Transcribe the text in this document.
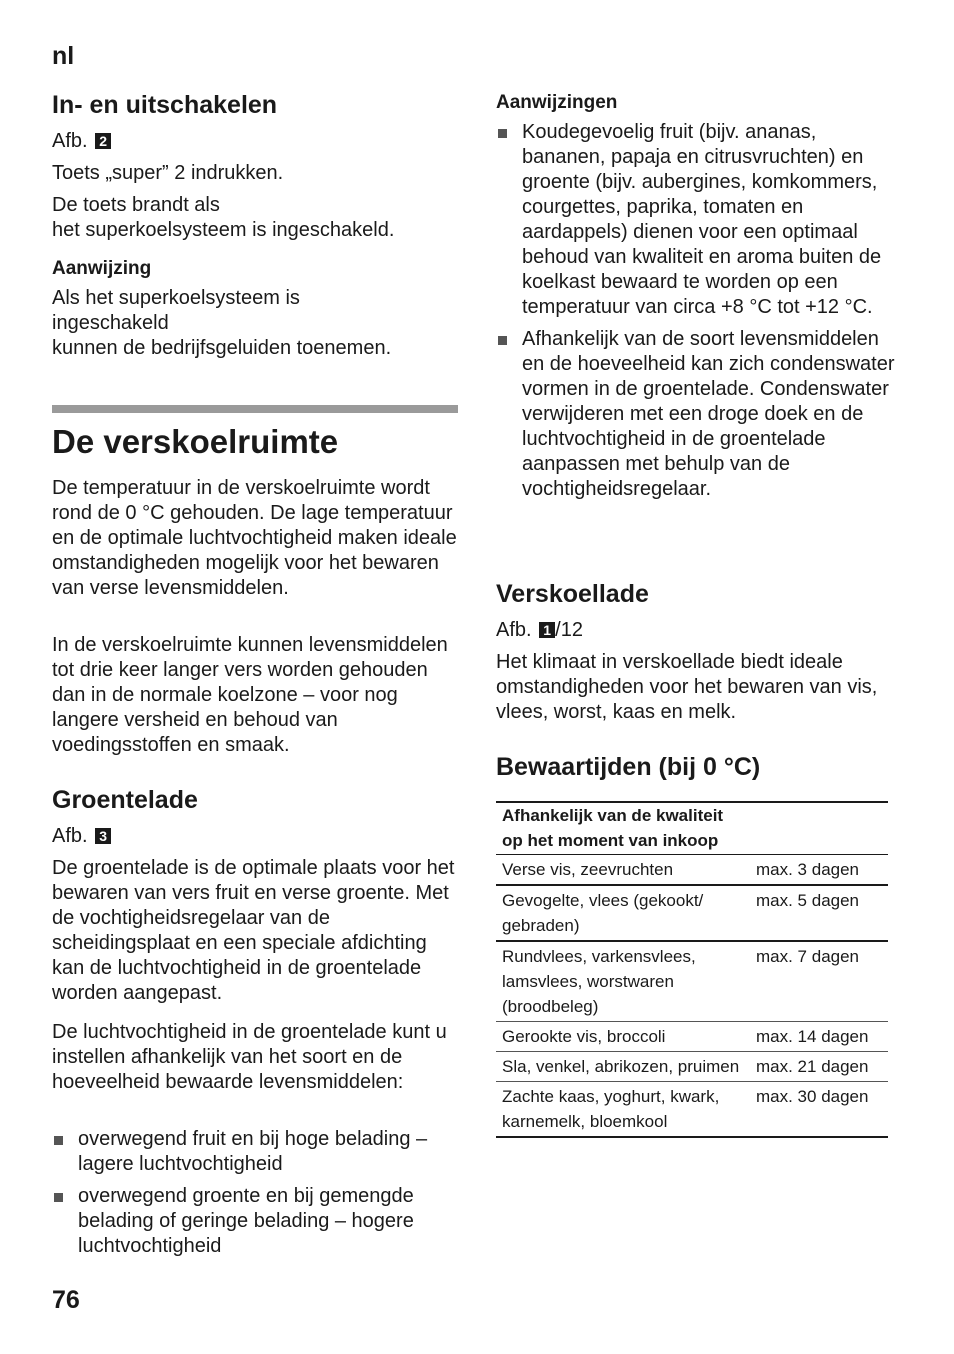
nl
In- en uitschakelen

Afb. 2

Toets „super” 2 indrukken.

De toets brandt als
het superkoelsysteem is ingeschakeld.

Aanwijzing

Als het superkoelsysteem is
ingeschakeld
kunnen de bedrijfsgeluiden toenemen.

De verskoelruimte

De temperatuur in de verskoelruimte wordt rond de 0 °C gehouden. De lage temperatuur en de optimale luchtvochtigheid maken ideale omstandigheden mogelijk voor het bewaren van verse levensmiddelen.

In de verskoelruimte kunnen levensmiddelen tot drie keer langer vers worden gehouden dan in de normale koelzone – voor nog langere versheid en behoud van voedingsstoffen en smaak.

Groentelade

Afb. 3

De groentelade is de optimale plaats voor het bewaren van vers fruit en verse groente. Met de vochtigheidsregelaar van de scheidingsplaat en een speciale afdichting kan de luchtvochtigheid in de groentelade worden aangepast.

De luchtvochtigheid in de groentelade kunt u instellen afhankelijk van het soort en de hoeveelheid bewaarde levensmiddelen:

overwegend fruit en bij hoge belading – lagere luchtvochtigheid
overwegend groente en bij gemengde belading of geringe belading – hogere luchtvochtigheid
Aanwijzingen
Koudegevoelig fruit (bijv. ananas, bananen, papaja en citrusvruchten) en groente (bijv. aubergines, komkommers, courgettes, paprika, tomaten en aardappels) dienen voor een optimaal behoud van kwaliteit en aroma buiten de koelkast bewaard te worden op een temperatuur van circa +8 °C tot +12 °C.
Afhankelijk van de soort levensmiddelen en de hoeveelheid kan zich condenswater vormen in de groentelade. Condenswater verwijderen met een droge doek en de luchtvochtigheid in de groentelade aanpassen met behulp van de vochtigheidsregelaar.
Verskoellade

Afb. 1 /12

Het klimaat in verskoellade biedt ideale omstandigheden voor het bewaren van vis, vlees, worst, kaas en melk.

Bewaartijden (bij 0 °C)
Afhankelijk van de kwaliteit
op het moment van inkoop	
Verse vis, zeevruchten	max. 3 dagen
Gevogelte, vlees (gekookt/ gebraden)	max. 5 dagen
Rundvlees, varkensvlees, lamsvlees, worstwaren (broodbeleg)	max. 7 dagen
Gerookte vis, broccoli	max. 14 dagen
Sla, venkel, abrikozen, pruimen	max. 21 dagen
Zachte kaas, yoghurt, kwark, karnemelk, bloemkool	max. 30 dagen
76
